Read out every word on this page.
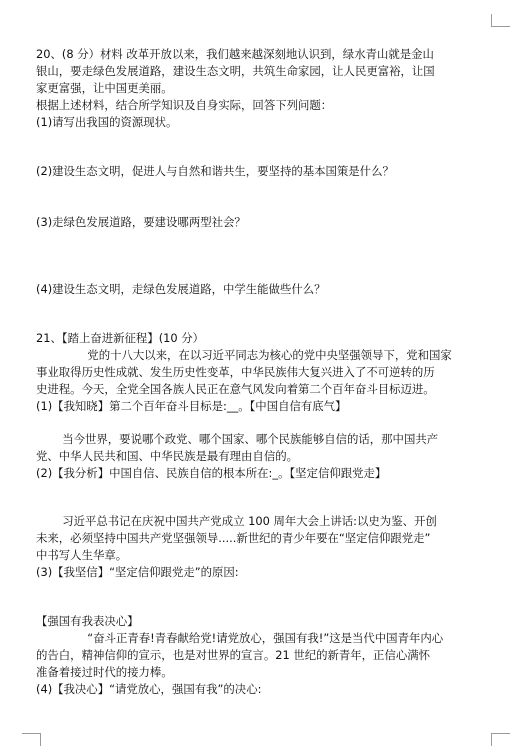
20、(8 分）材料 改革开放以来，我们越来越深刻地认识到，绿水青山就是金山
银山，要走绿色发展道路，建设生态文明，共筑生命家园，让人民更富裕，让国
家更富强，让中国更美丽。
根据上述材料，结合所学知识及自身实际，回答下列问题：
(1)请写出我国的资源现状。
(2)建设生态文明，促进人与自然和谐共生，要坚持的基本国策是什么？
(3)走绿色发展道路，要建设哪两型社会？
(4)建设生态文明，走绿色发展道路，中学生能做些什么？
21、【踏上奋进新征程】(10 分）
党的十八大以来，在以习近平同志为核心的党中央坚强领导下，党和国家
事业取得历史性成就、发生历史性变革，中华民族伟大复兴进入了不可逆转的历
史进程。今天，全党全国各族人民正在意气风发向着第二个百年奋斗目标迈进。
(1)【我知晓】第二个百年奋斗目标是:__。【中国自信有底气】
当今世界，要说哪个政党、哪个国家、哪个民族能够自信的话，那中国共产
党、中华人民共和国、中华民族是最有理由自信的。
(2)【我分析】中国自信、民族自信的根本所在:_。【坚定信仰跟党走】
习近平总书记在庆祝中国共产党成立 100 周年大会上讲话:以史为鉴、开创
未来，必须坚持中国共产党坚强领导.....新世纪的青少年要在“坚定信仰跟党走”
中书写人生华章。
(3)【我坚信】“坚定信仰跟党走”的原因:
【强国有我表决心】
“奋斗正青春!青春献给党!请党放心，强国有我!”这是当代中国青年内心
的告白，精神信仰的宣示，也是对世界的宣言。21 世纪的新青年，正信心满怀
准备着接过时代的接力棒。
(4)【我决心】“请党放心，强国有我”的决心:
